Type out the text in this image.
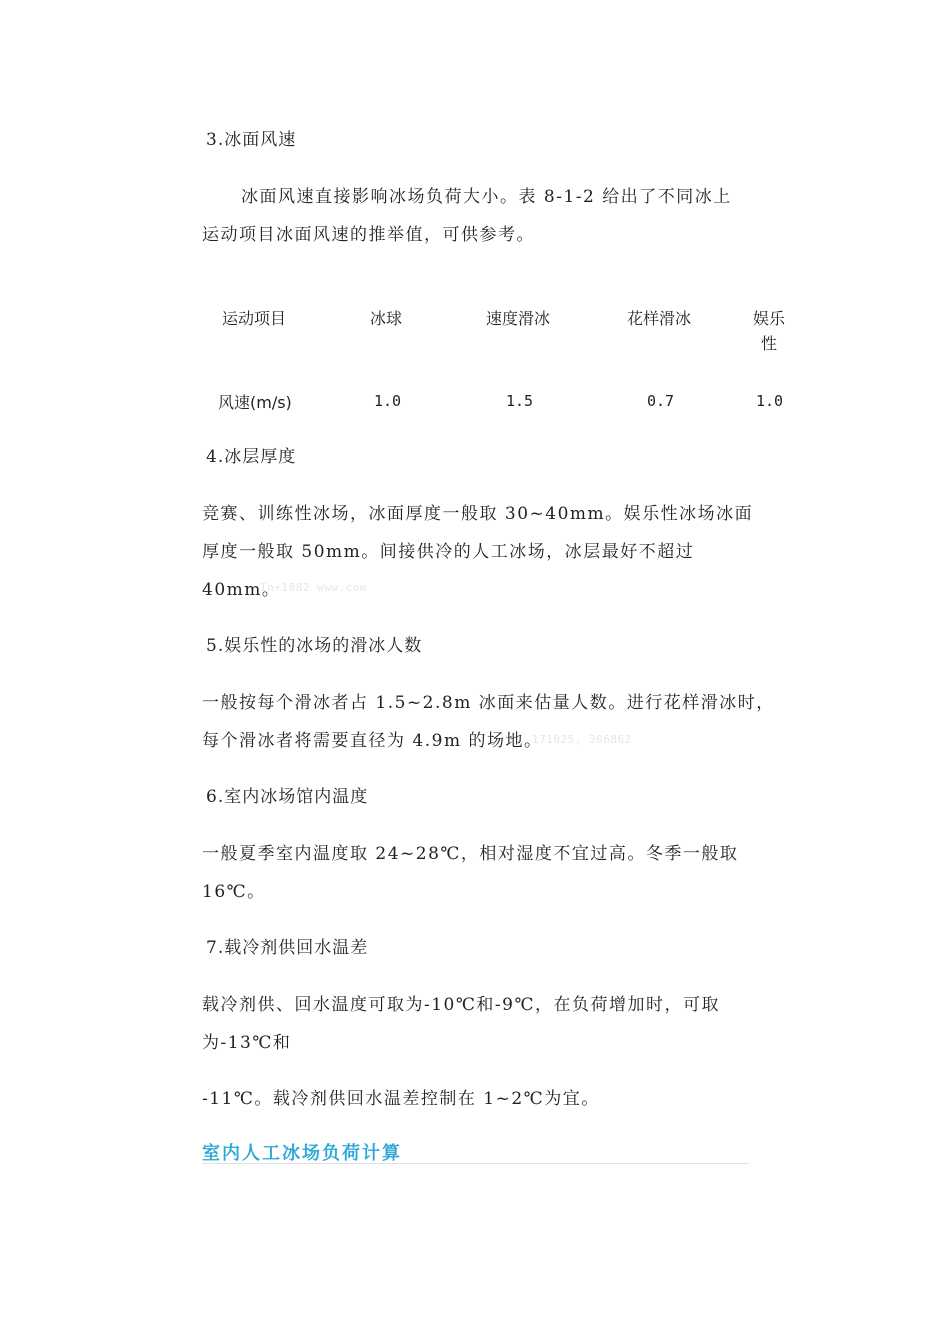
3.冰面风速
冰面风速直接影响冰场负荷大小。表 8-1-2 给出了不同冰上
运动项目冰面风速的推举值，可供参考。
运动项目	冰球	速度滑冰	花样滑冰	娱乐
性
风速(m/s)	1.0	1.5	0.7	1.0
4.冰层厚度
竞赛、训练性冰场，冰面厚度一般取 30~40mm。娱乐性冰场冰面
厚度一般取 50mm。间接供冷的人工冰场，冰层最好不超过
40mm。
In+1882 www.com
5.娱乐性的冰场的滑冰人数
一般按每个滑冰者占 1.5~2.8m 冰面来估量人数。进行花样滑冰时，
每个滑冰者将需要直径为 4.9m 的场地。
171025, 306862
6.室内冰场馆内温度
一般夏季室内温度取 24~28℃，相对湿度不宜过高。冬季一般取
16℃。
7.载冷剂供回水温差
载冷剂供、回水温度可取为-10℃和-9℃，在负荷增加时，可取
为-13℃和
-11℃。载冷剂供回水温差控制在 1~2℃为宜。
室内人工冰场负荷计算
